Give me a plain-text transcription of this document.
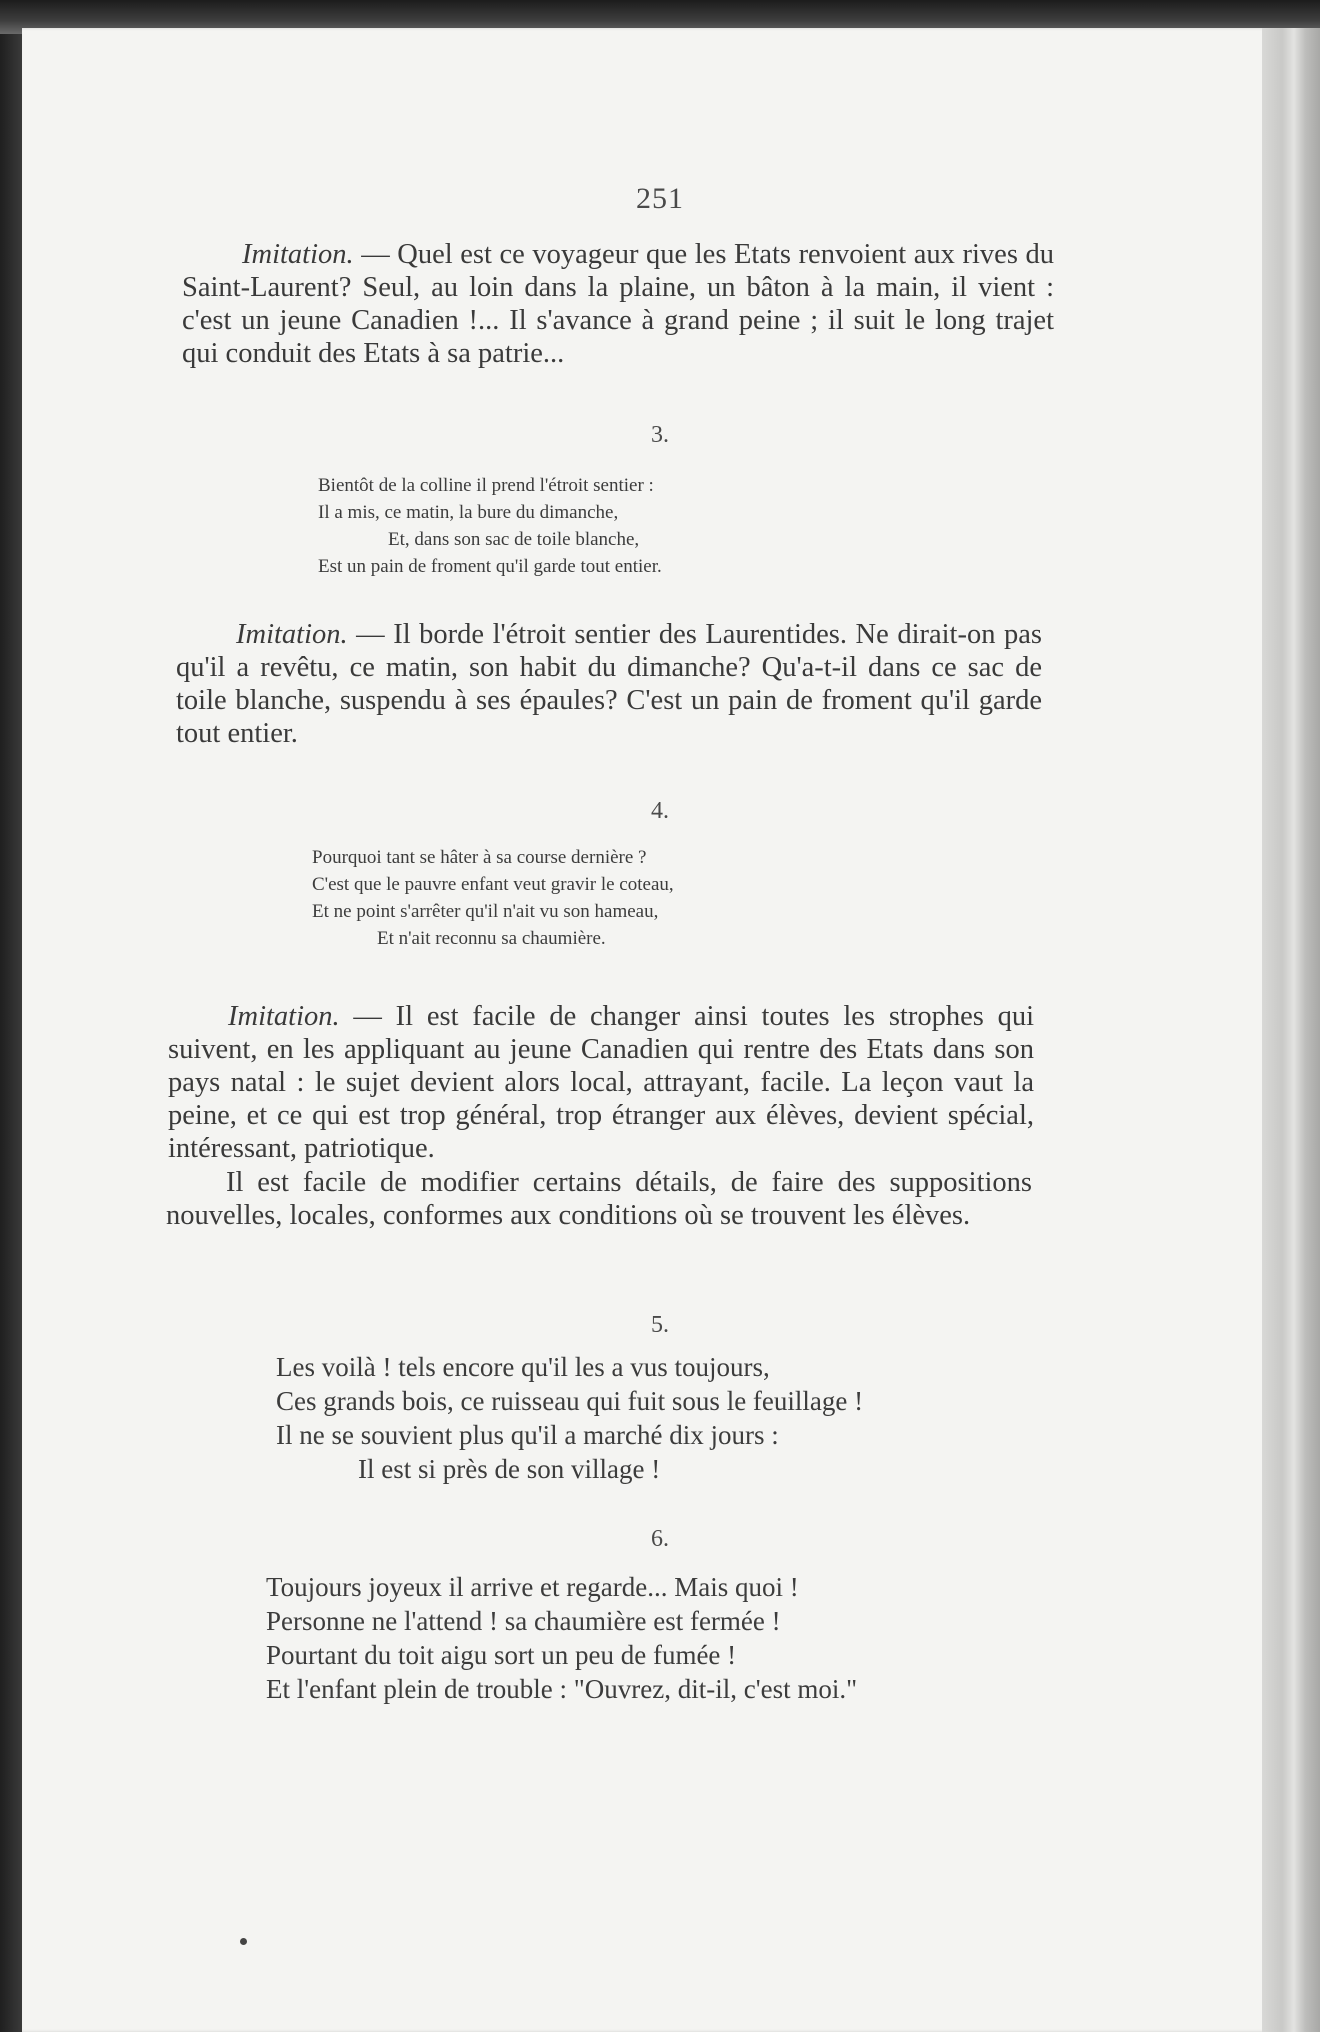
251

Imitation. — Quel est ce voyageur que les Etats renvoient aux rives du Saint-Laurent? Seul, au loin dans la plaine, un bâton à la main, il vient : c'est un jeune Canadien !... Il s'avance à grand peine ; il suit le long trajet qui conduit des Etats à sa patrie...

3.
Bientôt de la colline il prend l'étroit sentier :
Il a mis, ce matin, la bure du dimanche,
Et, dans son sac de toile blanche,
Est un pain de froment qu'il garde tout entier.

Imitation. — Il borde l'étroit sentier des Laurentides. Ne dirait-on pas qu'il a revêtu, ce matin, son habit du dimanche? Qu'a-t-il dans ce sac de toile blanche, suspendu à ses épaules? C'est un pain de froment qu'il garde tout entier.

4.
Pourquoi tant se hâter à sa course dernière ?
C'est que le pauvre enfant veut gravir le coteau,
Et ne point s'arrêter qu'il n'ait vu son hameau,
Et n'ait reconnu sa chaumière.

Imitation. — Il est facile de changer ainsi toutes les strophes qui suivent, en les appliquant au jeune Canadien qui rentre des Etats dans son pays natal : le sujet devient alors local, attrayant, facile. La leçon vaut la peine, et ce qui est trop général, trop étranger aux élèves, devient spécial, intéressant, patriotique.

Il est facile de modifier certains détails, de faire des suppositions nouvelles, locales, conformes aux conditions où se trouvent les élèves.

5.
Les voilà ! tels encore qu'il les a vus toujours,
Ces grands bois, ce ruisseau qui fuit sous le feuillage !
Il ne se souvient plus qu'il a marché dix jours :
Il est si près de son village !
6.
Toujours joyeux il arrive et regarde... Mais quoi !
Personne ne l'attend ! sa chaumière est fermée !
Pourtant du toit aigu sort un peu de fumée !
Et l'enfant plein de trouble : "Ouvrez, dit-il, c'est moi."
